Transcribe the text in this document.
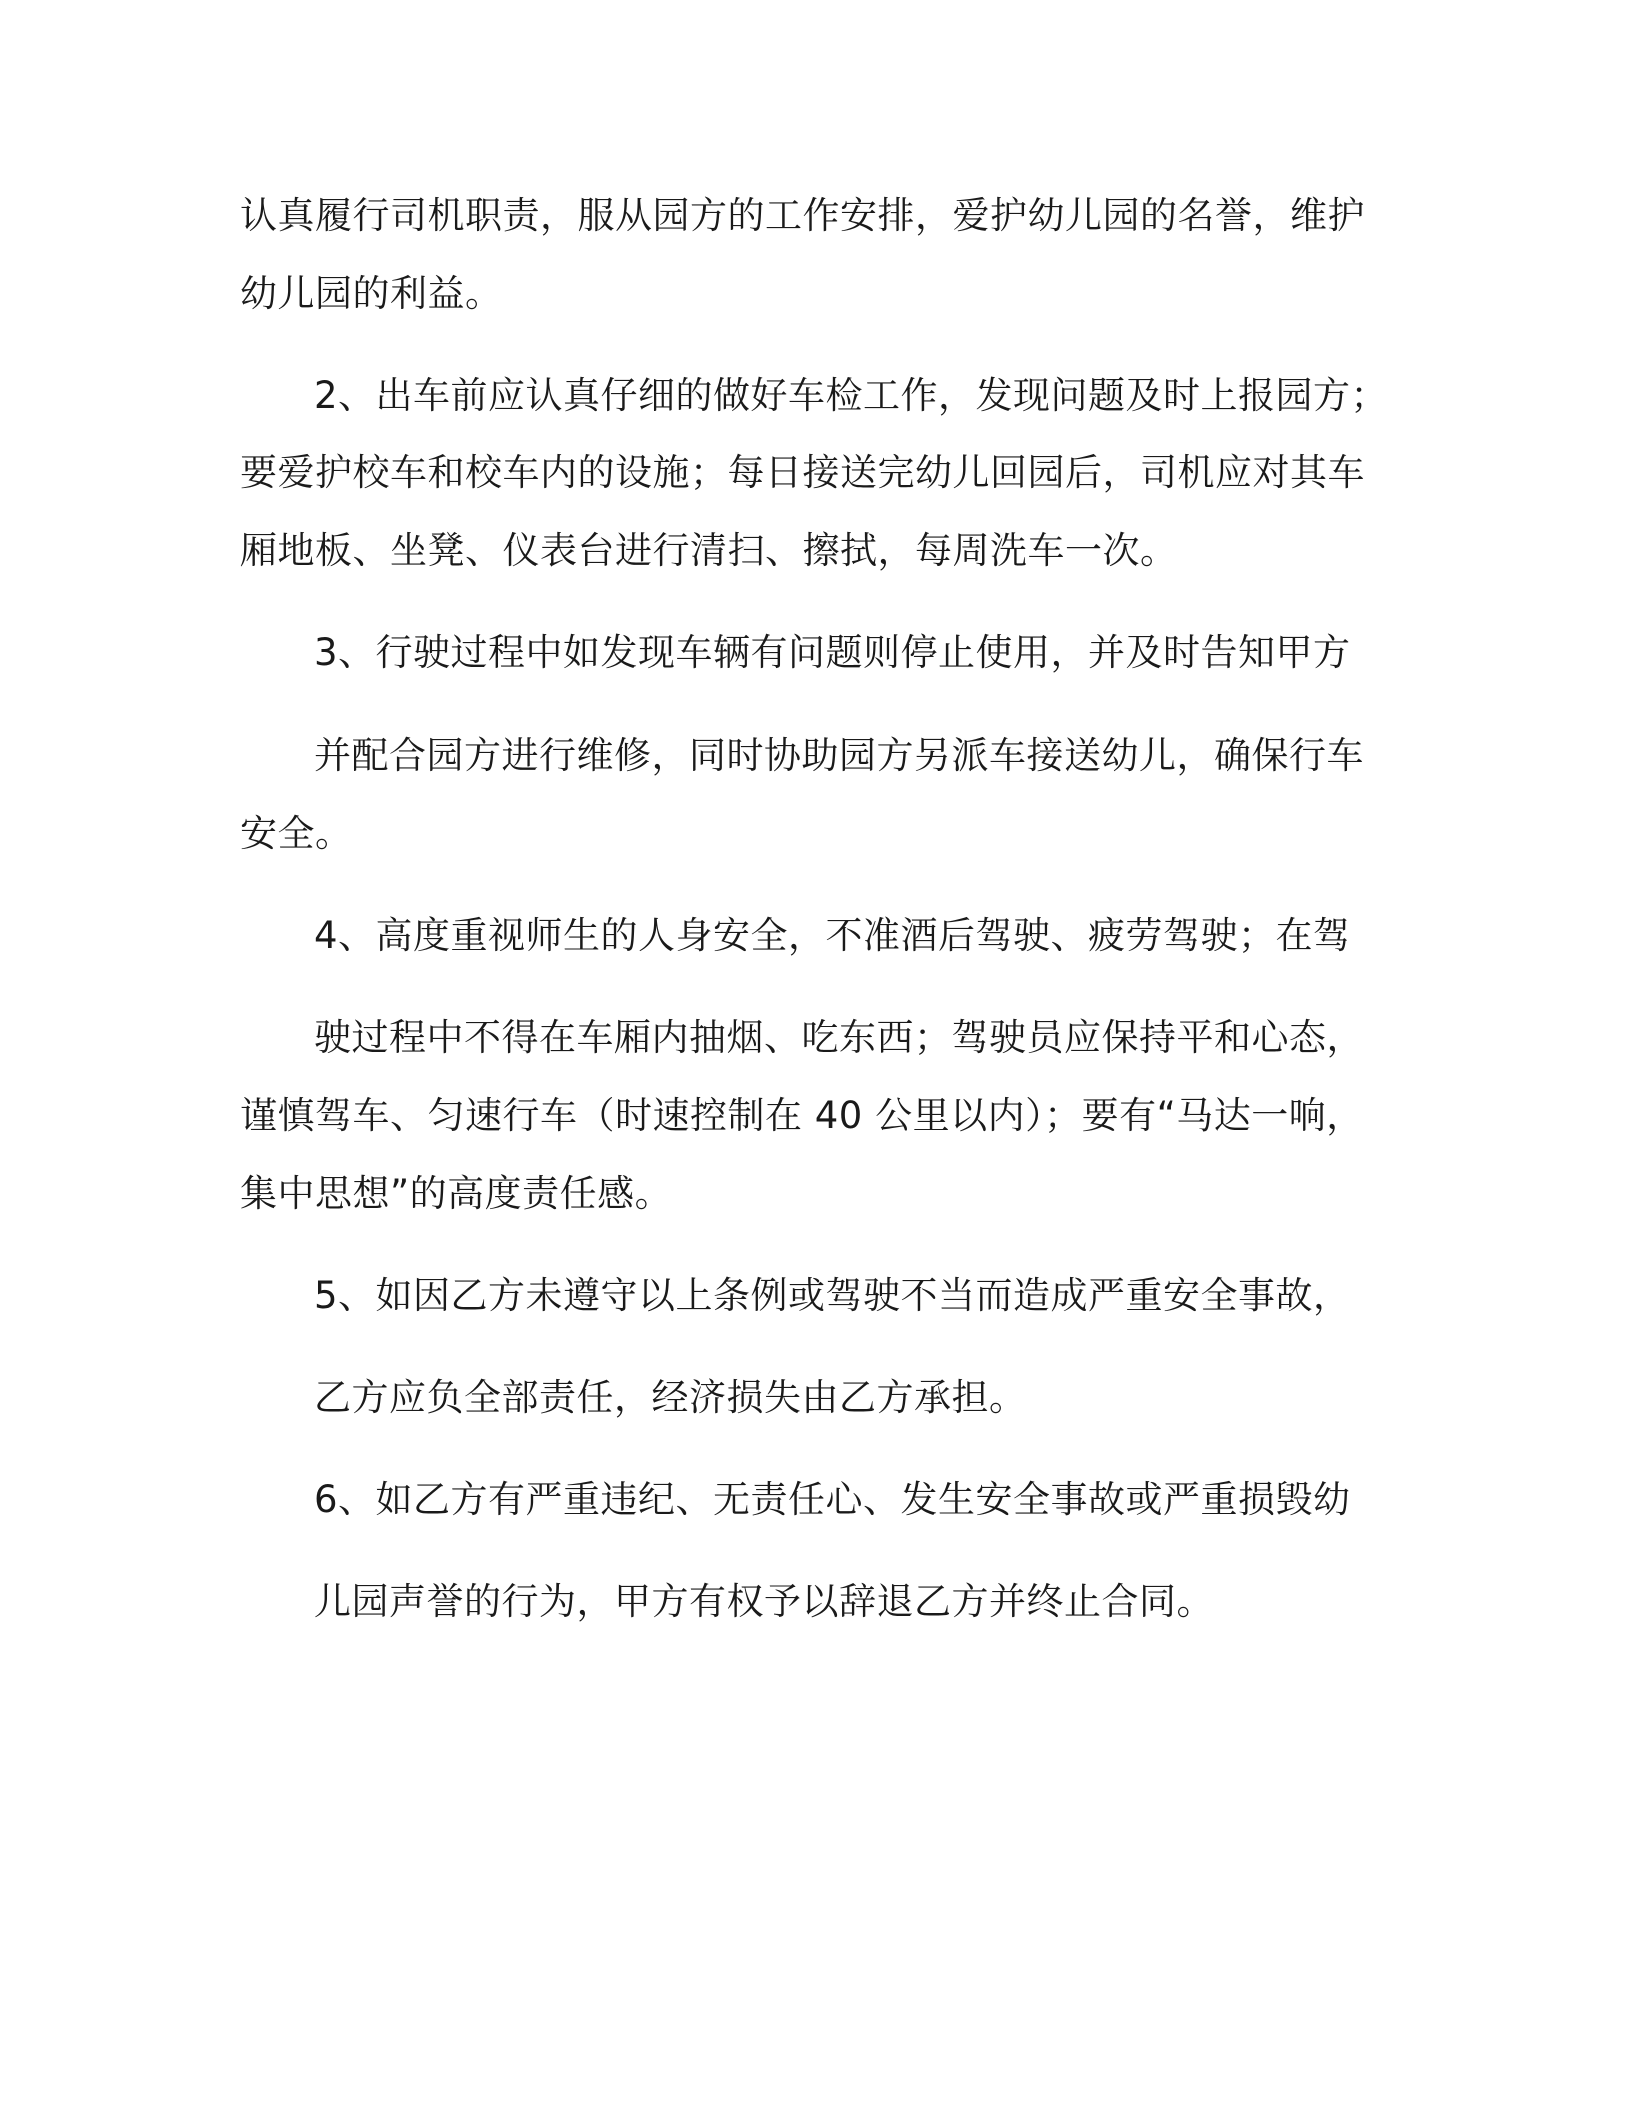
认真履行司机职责，服从园方的工作安排，爱护幼儿园的名誉，维护
幼儿园的利益。
2、出车前应认真仔细的做好车检工作，发现问题及时上报园方；
要爱护校车和校车内的设施；每日接送完幼儿回园后，司机应对其车
厢地板、坐凳、仪表台进行清扫、擦拭，每周洗车一次。
3、行驶过程中如发现车辆有问题则停止使用，并及时告知甲方
并配合园方进行维修，同时协助园方另派车接送幼儿，确保行车
安全。
4、高度重视师生的人身安全，不准酒后驾驶、疲劳驾驶；在驾
驶过程中不得在车厢内抽烟、吃东西；驾驶员应保持平和心态，
谨慎驾车、匀速行车（时速控制在 40 公里以内）；要有“马达一响，
集中思想”的高度责任感。
5、如因乙方未遵守以上条例或驾驶不当而造成严重安全事故，
乙方应负全部责任，经济损失由乙方承担。
6、如乙方有严重违纪、无责任心、发生安全事故或严重损毁幼
儿园声誉的行为，甲方有权予以辞退乙方并终止合同。
